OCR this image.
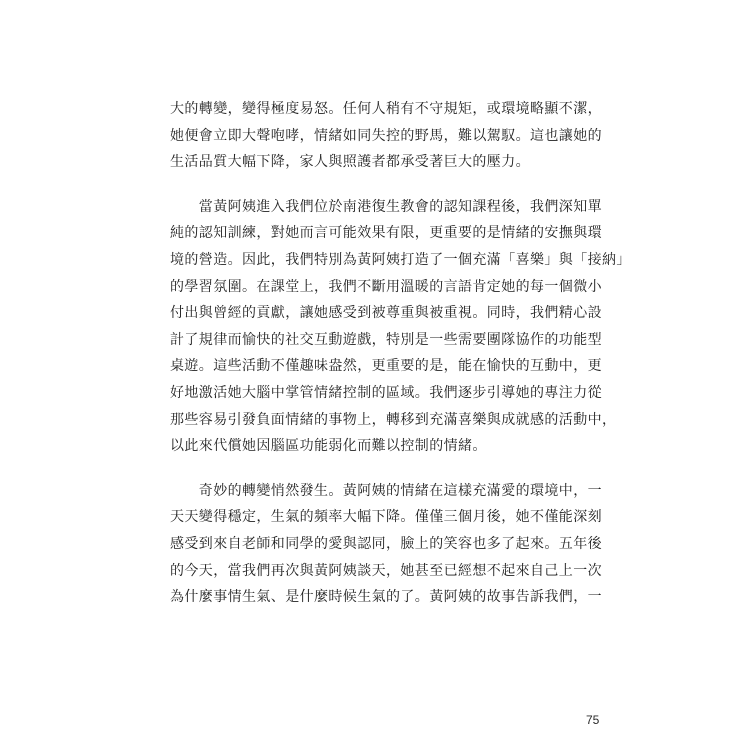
大的轉變，變得極度易怒。任何人稍有不守規矩，或環境略顯不潔，
她便會立即大聲咆哮，情緒如同失控的野馬，難以駕馭。這也讓她的
生活品質大幅下降，家人與照護者都承受著巨大的壓力。
　　當黃阿姨進入我們位於南港復生教會的認知課程後，我們深知單
純的認知訓練，對她而言可能效果有限，更重要的是情緒的安撫與環
境的營造。因此，我們特別為黃阿姨打造了一個充滿「喜樂」與「接納」
的學習氛圍。在課堂上，我們不斷用溫暖的言語肯定她的每一個微小
付出與曾經的貢獻，讓她感受到被尊重與被重視。同時，我們精心設
計了規律而愉快的社交互動遊戲，特別是一些需要團隊協作的功能型
桌遊。這些活動不僅趣味盎然，更重要的是，能在愉快的互動中，更
好地激活她大腦中掌管情緒控制的區域。我們逐步引導她的專注力從
那些容易引發負面情緒的事物上，轉移到充滿喜樂與成就感的活動中，
以此來代償她因腦區功能弱化而難以控制的情緒。
　　奇妙的轉變悄然發生。黃阿姨的情緒在這樣充滿愛的環境中，一
天天變得穩定，生氣的頻率大幅下降。僅僅三個月後，她不僅能深刻
感受到來自老師和同學的愛與認同，臉上的笑容也多了起來。五年後
的今天，當我們再次與黃阿姨談天，她甚至已經想不起來自己上一次
為什麼事情生氣、是什麼時候生氣的了。黃阿姨的故事告訴我們，一
75
